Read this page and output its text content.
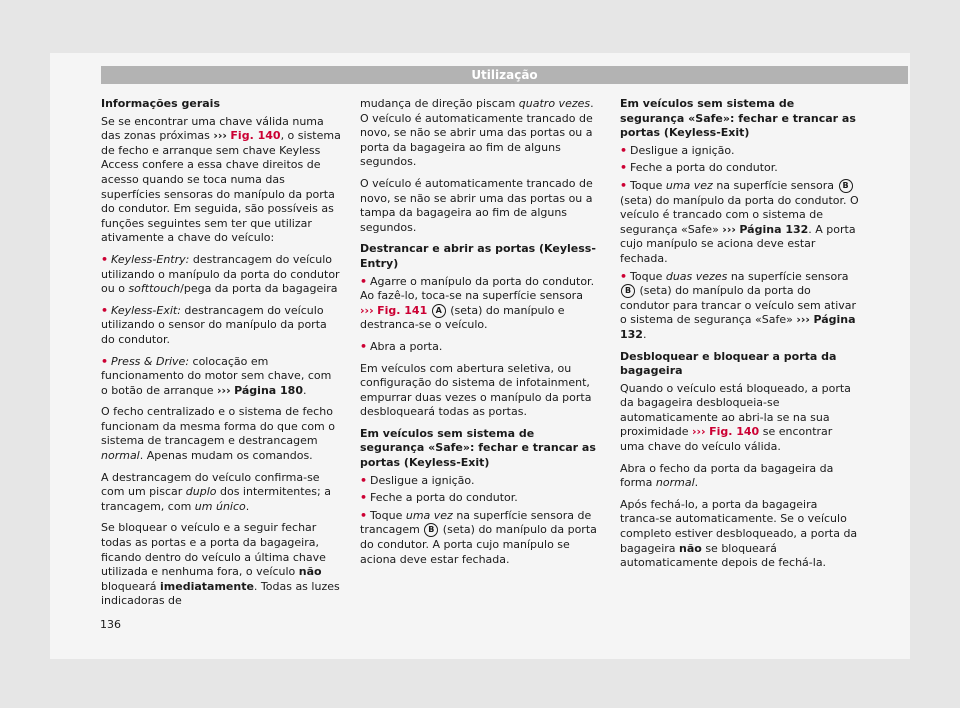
Utilização

Informações gerais

Se se encontrar uma chave válida numa das zonas próximas ››› Fig. 140, o sistema de fecho e arranque sem chave Keyless Access confere a essa chave direitos de acesso quando se toca numa das superfícies sensoras do manípulo da porta do condutor. Em seguida, são possíveis as funções seguintes sem ter que utilizar ativamente a chave do veículo:

• Keyless-Entry: destrancagem do veículo utilizando o manípulo da porta do condutor ou o softtouch/pega da porta da bagageira

• Keyless-Exit: destrancagem do veículo utilizando o sensor do manípulo da porta do condutor.

• Press & Drive: colocação em funcionamento do motor sem chave, com o botão de arranque ››› Página 180.

O fecho centralizado e o sistema de fecho funcionam da mesma forma do que com o sistema de trancagem e destrancagem normal. Apenas mudam os comandos.

A destrancagem do veículo confirma-se com um piscar duplo dos intermitentes; a trancagem, com um único.

Se bloquear o veículo e a seguir fechar todas as portas e a porta da bagageira, ficando dentro do veículo a última chave utilizada e nenhuma fora, o veículo não bloqueará imediatamente. Todas as luzes indicadoras de

mudança de direção piscam quatro vezes. O veículo é automaticamente trancado de novo, se não se abrir uma das portas ou a porta da bagageira ao fim de alguns segundos.

O veículo é automaticamente trancado de novo, se não se abrir uma das portas ou a tampa da bagageira ao fim de alguns segundos.

Destrancar e abrir as portas (Keyless-Entry)

• Agarre o manípulo da porta do condutor. Ao fazê-lo, toca-se na superfície sensora ››› Fig. 141 A (seta) do manípulo e destranca-se o veículo.

• Abra a porta.

Em veículos com abertura seletiva, ou configuração do sistema de infotainment, empurrar duas vezes o manípulo da porta desbloqueará todas as portas.

Em veículos sem sistema de segurança «Safe»: fechar e trancar as portas (Keyless-Exit)

• Desligue a ignição.

• Feche a porta do condutor.

• Toque uma vez na superfície sensora de trancagem B (seta) do manípulo da porta do condutor. A porta cujo manípulo se aciona deve estar fechada.

Em veículos sem sistema de segurança «Safe»: fechar e trancar as portas (Keyless-Exit)

• Desligue a ignição.

• Feche a porta do condutor.

• Toque uma vez na superfície sensora B (seta) do manípulo da porta do condutor. O veículo é trancado com o sistema de segurança «Safe» ››› Página 132. A porta cujo manípulo se aciona deve estar fechada.

• Toque duas vezes na superfície sensora B (seta) do manípulo da porta do condutor para trancar o veículo sem ativar o sistema de segurança «Safe» ››› Página 132.

Desbloquear e bloquear a porta da bagageira

Quando o veículo está bloqueado, a porta da bagageira desbloqueia-se automaticamente ao abri-la se na sua proximidade ››› Fig. 140 se encontrar uma chave do veículo válida.

Abra o fecho da porta da bagageira da forma normal.

Após fechá-lo, a porta da bagageira tranca-se automaticamente. Se o veículo completo estiver desbloqueado, a porta da bagageira não se bloqueará automaticamente depois de fechá-la.

136
